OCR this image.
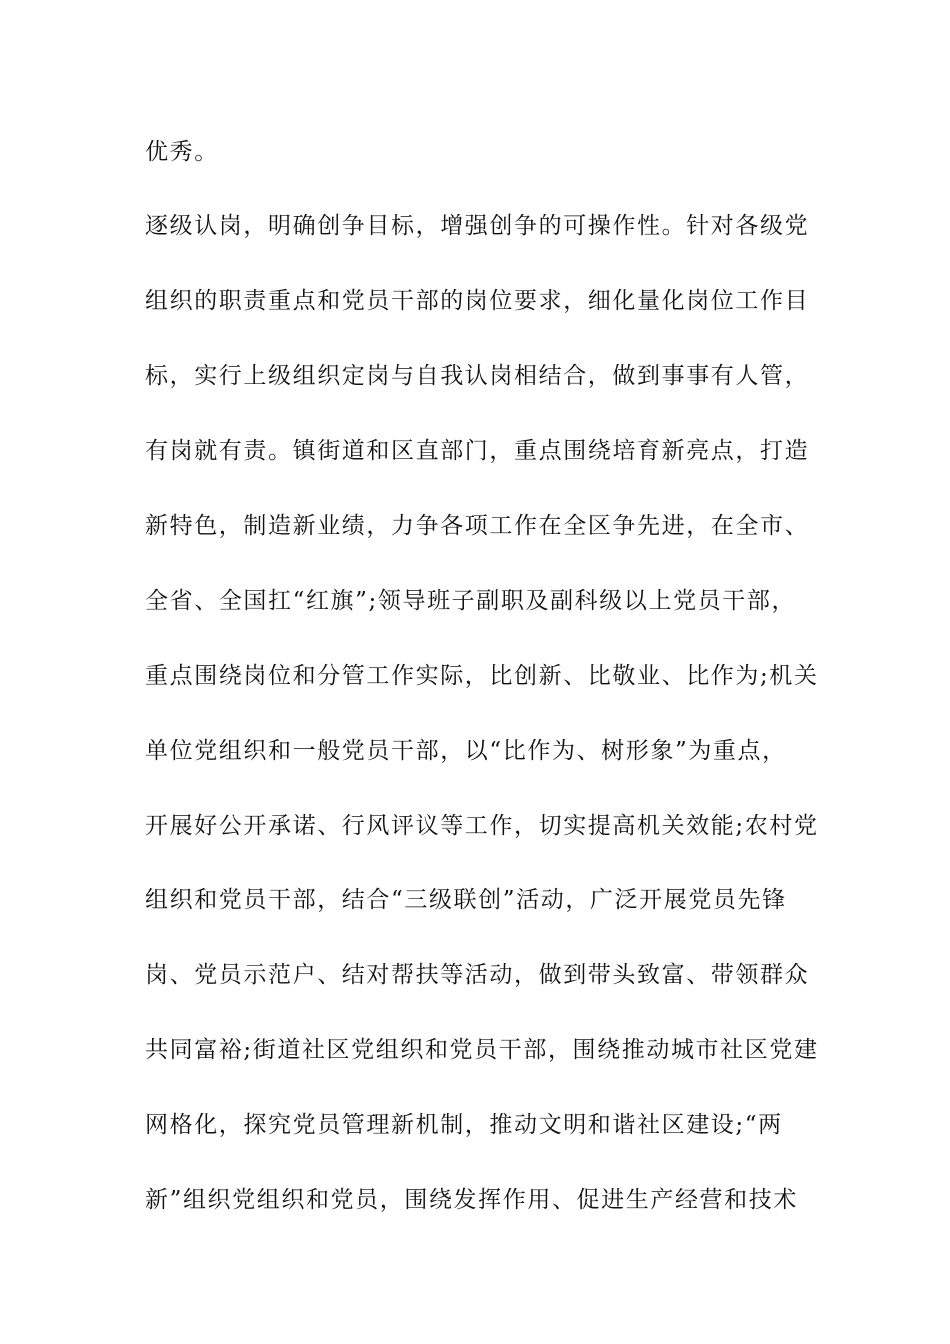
优秀。
逐级认岗，明确创争目标，增强创争的可操作性。针对各级党
组织的职责重点和党员干部的岗位要求，细化量化岗位工作目
标，实行上级组织定岗与自我认岗相结合，做到事事有人管，
有岗就有责。镇街道和区直部门，重点围绕培育新亮点，打造
新特色，制造新业绩，力争各项工作在全区争先进，在全市、
全省、全国扛“红旗”;领导班子副职及副科级以上党员干部，
重点围绕岗位和分管工作实际，比创新、比敬业、比作为;机关
单位党组织和一般党员干部，以“比作为、树形象”为重点，
开展好公开承诺、行风评议等工作，切实提高机关效能;农村党
组织和党员干部，结合“三级联创”活动，广泛开展党员先锋
岗、党员示范户、结对帮扶等活动，做到带头致富、带领群众
共同富裕;街道社区党组织和党员干部，围绕推动城市社区党建
网格化，探究党员管理新机制，推动文明和谐社区建设;“两
新”组织党组织和党员，围绕发挥作用、促进生产经营和技术
